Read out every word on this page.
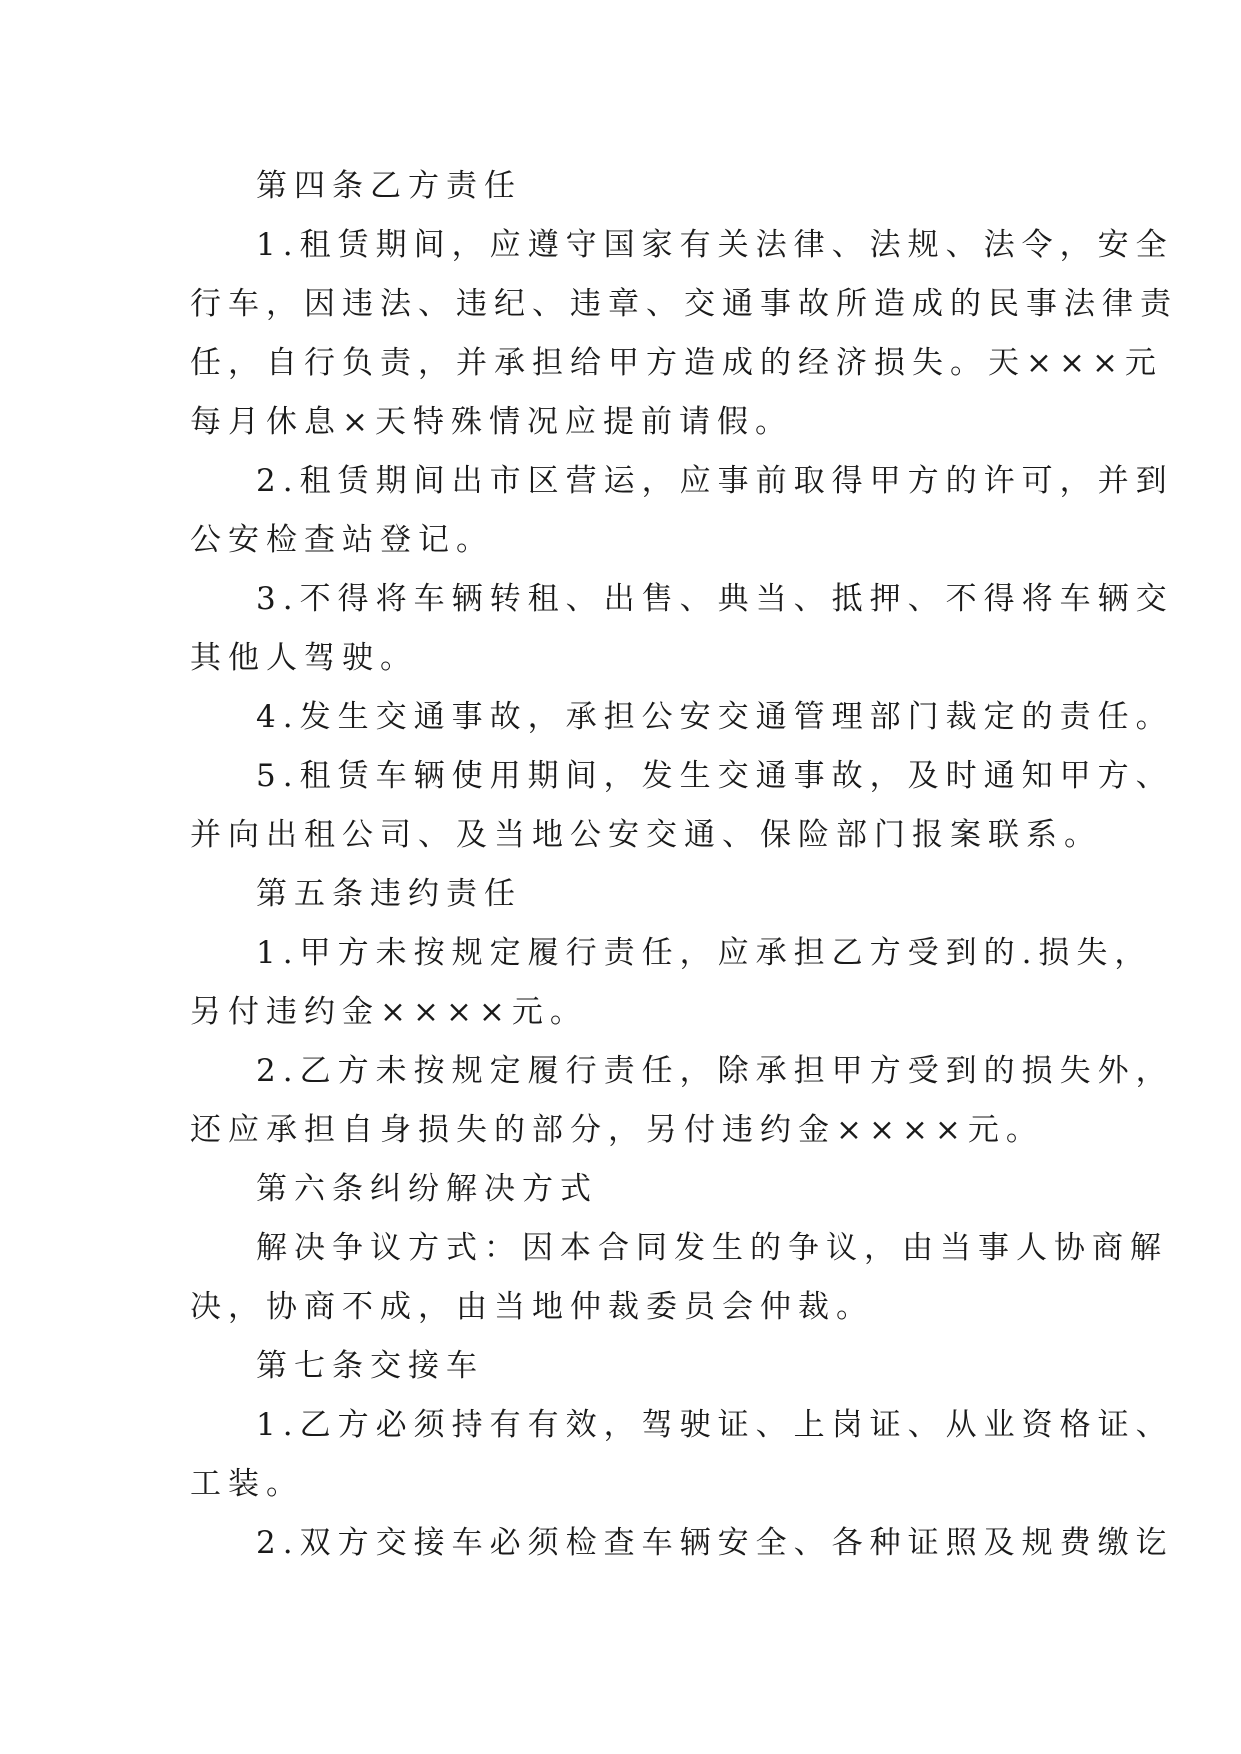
第四条乙方责任
1.租赁期间，应遵守国家有关法律、法规、法令，安全
行车，因违法、违纪、违章、交通事故所造成的民事法律责
任，自行负责，并承担给甲方造成的经济损失。天×××元
每月休息×天特殊情况应提前请假。
2.租赁期间出市区营运，应事前取得甲方的许可，并到
公安检查站登记。
3.不得将车辆转租、出售、典当、抵押、不得将车辆交
其他人驾驶。
4.发生交通事故，承担公安交通管理部门裁定的责任。
5.租赁车辆使用期间，发生交通事故，及时通知甲方、
并向出租公司、及当地公安交通、保险部门报案联系。
第五条违约责任
1.甲方未按规定履行责任，应承担乙方受到的.损失，
另付违约金××××元。
2.乙方未按规定履行责任，除承担甲方受到的损失外，
还应承担自身损失的部分，另付违约金××××元。
第六条纠纷解决方式
解决争议方式：因本合同发生的争议，由当事人协商解
决，协商不成，由当地仲裁委员会仲裁。
第七条交接车
1.乙方必须持有有效，驾驶证、上岗证、从业资格证、
工装。
2.双方交接车必须检查车辆安全、各种证照及规费缴讫
